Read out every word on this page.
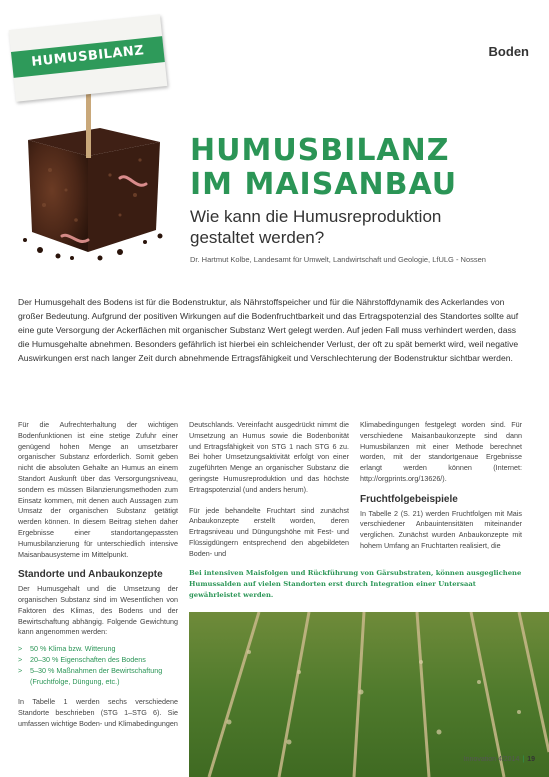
Boden
HUMUSBILANZ
HUMUSBILANZ
IM MAISANBAU
Wie kann die Humusreproduktion gestaltet werden?
Dr. Hartmut Kolbe, Landesamt für Umwelt, Landwirtschaft und Geologie, LfULG - Nossen
Der Humusgehalt des Bodens ist für die Bodenstruktur, als Nährstoffspeicher und für die Nährstoffdynamik des Ackerlandes von großer Bedeutung. Aufgrund der positiven Wirkungen auf die Bodenfruchtbarkeit und das Ertragspotenzial des Standortes sollte auf eine gute Versorgung der Ackerflächen mit organischer Substanz Wert gelegt werden. Auf jeden Fall muss verhindert werden, dass die Humusgehalte abnehmen. Besonders gefährlich ist hierbei ein schleichender Verlust, der oft zu spät bemerkt wird, weil negative Auswirkungen erst nach langer Zeit durch abnehmende Ertragsfähigkeit und Verschlechterung der Bodenstruktur sichtbar werden.

Für die Aufrechterhaltung der wichtigen Bodenfunktionen ist eine stetige Zufuhr einer genügend hohen Menge an umsetzbarer organischer Substanz erforderlich. Somit geben nicht die absoluten Gehalte an Humus an einem Standort Auskunft über das Versorgungsniveau, sondern es müssen Bilanzierungsmethoden zum Einsatz kommen, mit denen auch Aussagen zum Umsatz der organischen Substanz getätigt werden können. In diesem Beitrag stehen daher Ergebnisse einer standortangepassten Humusbilanzierung für unterschiedlich intensive Maisanbausysteme im Mittelpunkt.

Standorte und Anbaukonzepte

Der Humusgehalt und die Umsetzung der organischen Substanz sind im Wesentlichen von Faktoren des Klimas, des Bodens und der Bewirtschaftung abhängig. Folgende Gewichtung kann angenommen werden:

> 50 % Klima bzw. Witterung
> 20–30 % Eigenschaften des Bodens
> 5–30 % Maßnahmen der Bewirtschaftung (Fruchtfolge, Düngung, etc.)

In Tabelle 1 werden sechs verschiedene Standorte beschrieben (STG 1–STG 6). Sie umfassen wichtige Boden- und Klimabedingungen

Deutschlands. Vereinfacht ausgedrückt nimmt die Umsetzung an Humus sowie die Bodenbonität und Ertragsfähigkeit von STG 1 nach STG 6 zu. Bei hoher Umsetzungsaktivität erfolgt von einer zugeführten Menge an organischer Substanz die geringste Humusreproduktion und das höchste Ertragspotenzial (und anders herum).

Für jede behandelte Fruchtart sind zunächst Anbaukonzepte erstellt worden, deren Ertragsniveau und Düngungshöhe mit Fest- und Flüssigdüngern entsprechend den abgebildeten Boden- und

Klimabedingungen festgelegt worden sind. Für verschiedene Maisanbaukonzepte sind dann Humusbilanzen mit einer Methode berechnet worden, mit der standortgenaue Ergebnisse erlangt werden können (Internet: http://orgprints.org/13626/).

Fruchtfolgebeispiele

In Tabelle 2 (S. 21) werden Fruchtfolgen mit Mais verschiedener Anbauintensitäten miteinander verglichen. Zunächst wurden Anbaukonzepte mit hohem Umfang an Fruchtarten realisiert, die

Bei intensiven Maisfolgen und Rückführung von Gärsubstraten, können ausgeglichene Humussalden auf vielen Standorten erst durch Integration einer Untersaat gewährleistet werden.
Innovation 4/2014 | 19
